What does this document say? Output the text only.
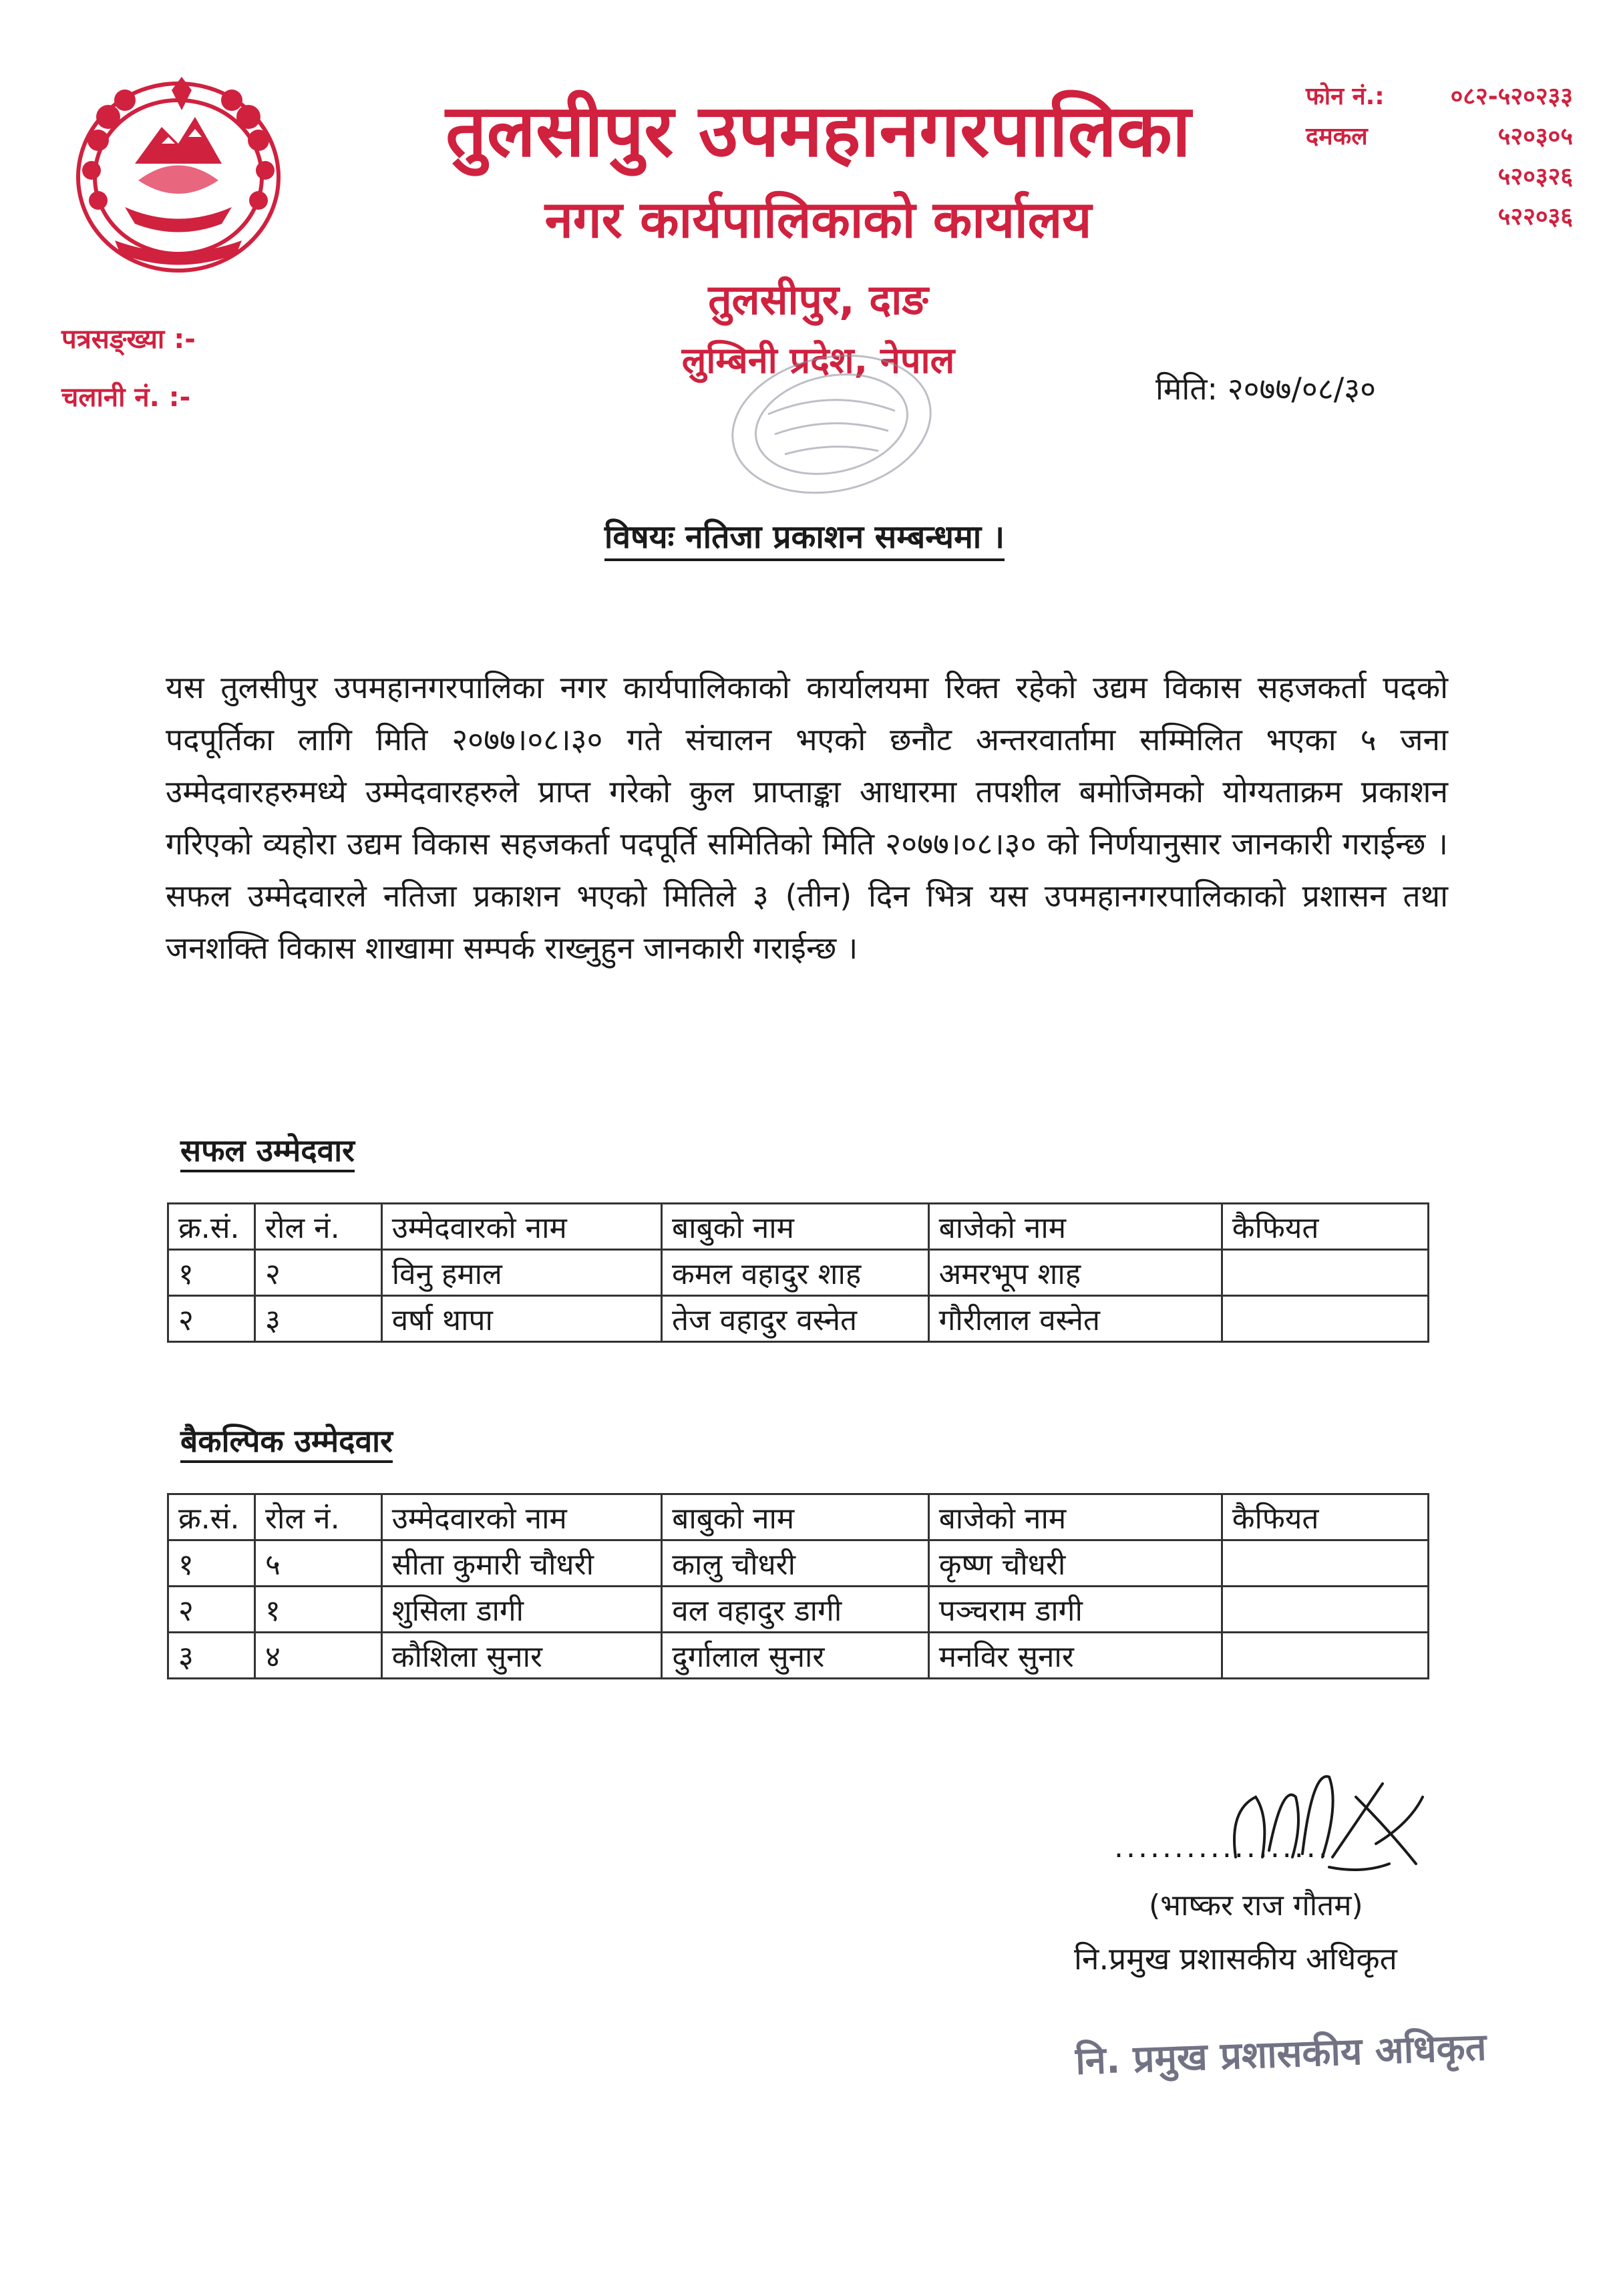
तुलसीपुर उपमहानगरपालिका
नगर कार्यपालिकाको कार्यालय
तुलसीपुर, दाङ
लुम्बिनी प्रदेश, नेपाल
फोन नं.:	०८२-५२०२३३
दमकल	५२०३०५
५२०३२६
५२२०३६
पत्रसङ्ख्या :-
चलानी नं. :-	मिति: २०७७/०८/३०
विषयः नतिजा प्रकाशन सम्बन्धमा ।
यस तुलसीपुर उपमहानगरपालिका नगर कार्यपालिकाको कार्यालयमा रिक्त रहेको उद्यम विकास सहजकर्ता पदको पदपूर्तिका लागि मिति २०७७।०८।३० गते संचालन भएको छनौट अन्तरवार्तामा सम्मिलित भएका ५ जना उम्मेदवारहरुमध्ये उम्मेदवारहरुले प्राप्त गरेको कुल प्राप्ताङ्का आधारमा तपशील बमोजिमको योग्यताक्रम प्रकाशन गरिएको व्यहोरा उद्यम विकास सहजकर्ता पदपूर्ति समितिको मिति २०७७।०८।३० को निर्णयानुसार जानकारी गराईन्छ । सफल उम्मेदवारले नतिजा प्रकाशन भएको मितिले ३ (तीन) दिन भित्र यस उपमहानगरपालिकाको प्रशासन तथा जनशक्ति विकास शाखामा सम्पर्क राख्नुहुन जानकारी गराईन्छ ।
सफल उम्मेदवार
क्र.सं.	रोल नं.	उम्मेदवारको नाम	बाबुको नाम	बाजेको नाम	कैफियत
१	२	विनु हमाल	कमल वहादुर शाह	अमरभूप शाह	
२	३	वर्षा थापा	तेज वहादुर वस्नेत	गौरीलाल वस्नेत	
बैकल्पिक उम्मेदवार
क्र.सं.	रोल नं.	उम्मेदवारको नाम	बाबुको नाम	बाजेको नाम	कैफियत
१	५	सीता कुमारी चौधरी	कालु चौधरी	कृष्ण चौधरी	
२	१	शुसिला डागी	वल वहादुर डागी	पञ्चराम डागी	
३	४	कौशिला सुनार	दुर्गालाल सुनार	मनविर सुनार	
..................
(भाष्कर राज गौतम)
नि.प्रमुख प्रशासकीय अधिकृत
नि. प्रमुख प्रशासकीय अधिकृत
